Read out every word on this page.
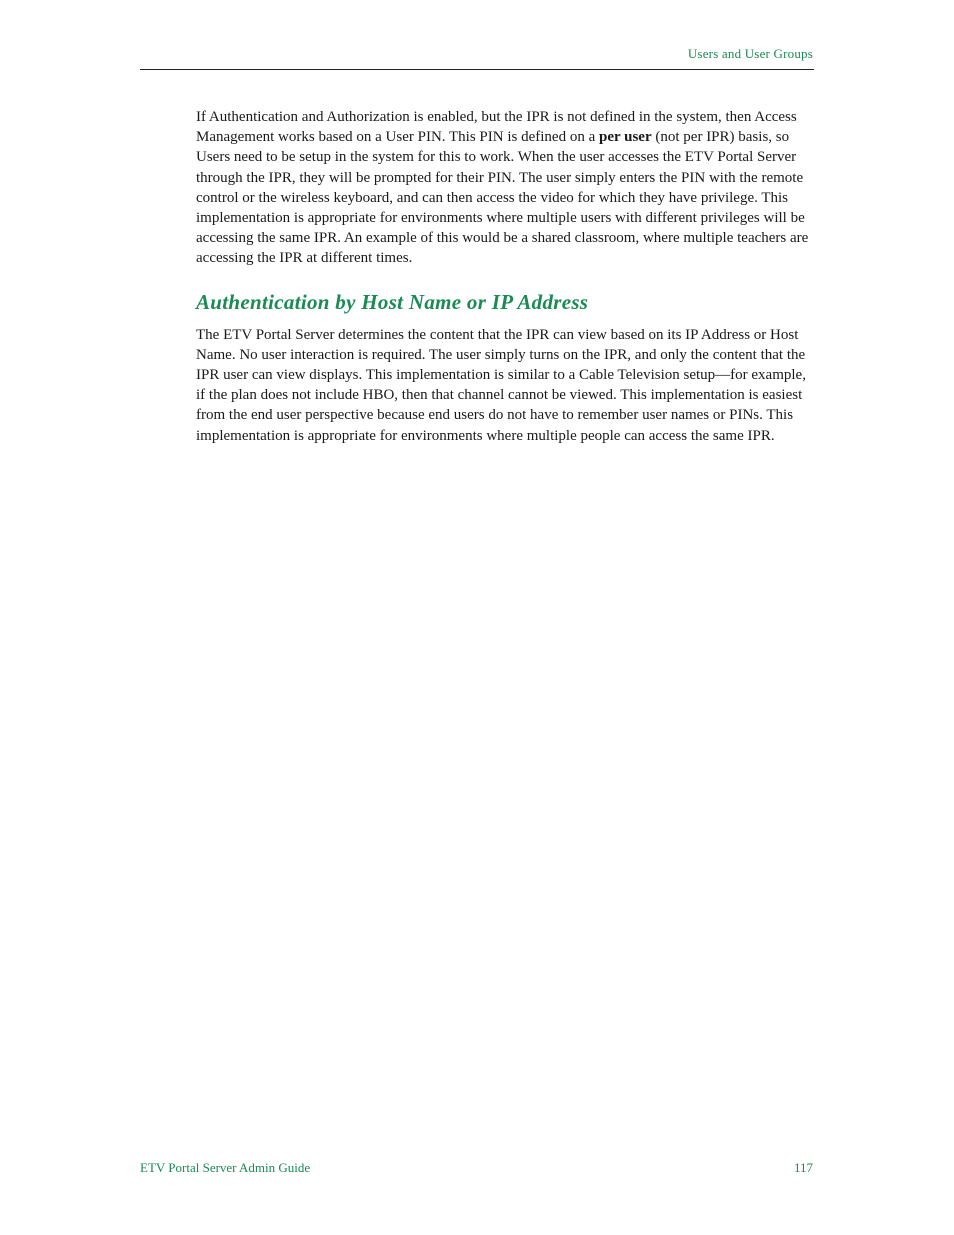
Users and User Groups

If Authentication and Authorization is enabled, but the IPR is not defined in the system, then Access Management works based on a User PIN. This PIN is defined on a per user (not per IPR) basis, so Users need to be setup in the system for this to work. When the user accesses the ETV Portal Server through the IPR, they will be prompted for their PIN. The user simply enters the PIN with the remote control or the wireless keyboard, and can then access the video for which they have privilege. This implementation is appropriate for environments where multiple users with different privileges will be accessing the same IPR. An example of this would be a shared classroom, where multiple teachers are accessing the IPR at different times.

Authentication by Host Name or IP Address

The ETV Portal Server determines the content that the IPR can view based on its IP Address or Host Name. No user interaction is required. The user simply turns on the IPR, and only the content that the IPR user can view displays. This implementation is similar to a Cable Television setup—for example, if the plan does not include HBO, then that channel cannot be viewed. This implementation is easiest from the end user perspective because end users do not have to remember user names or PINs. This implementation is appropriate for environments where multiple people can access the same IPR.

ETV Portal Server Admin Guide	117
